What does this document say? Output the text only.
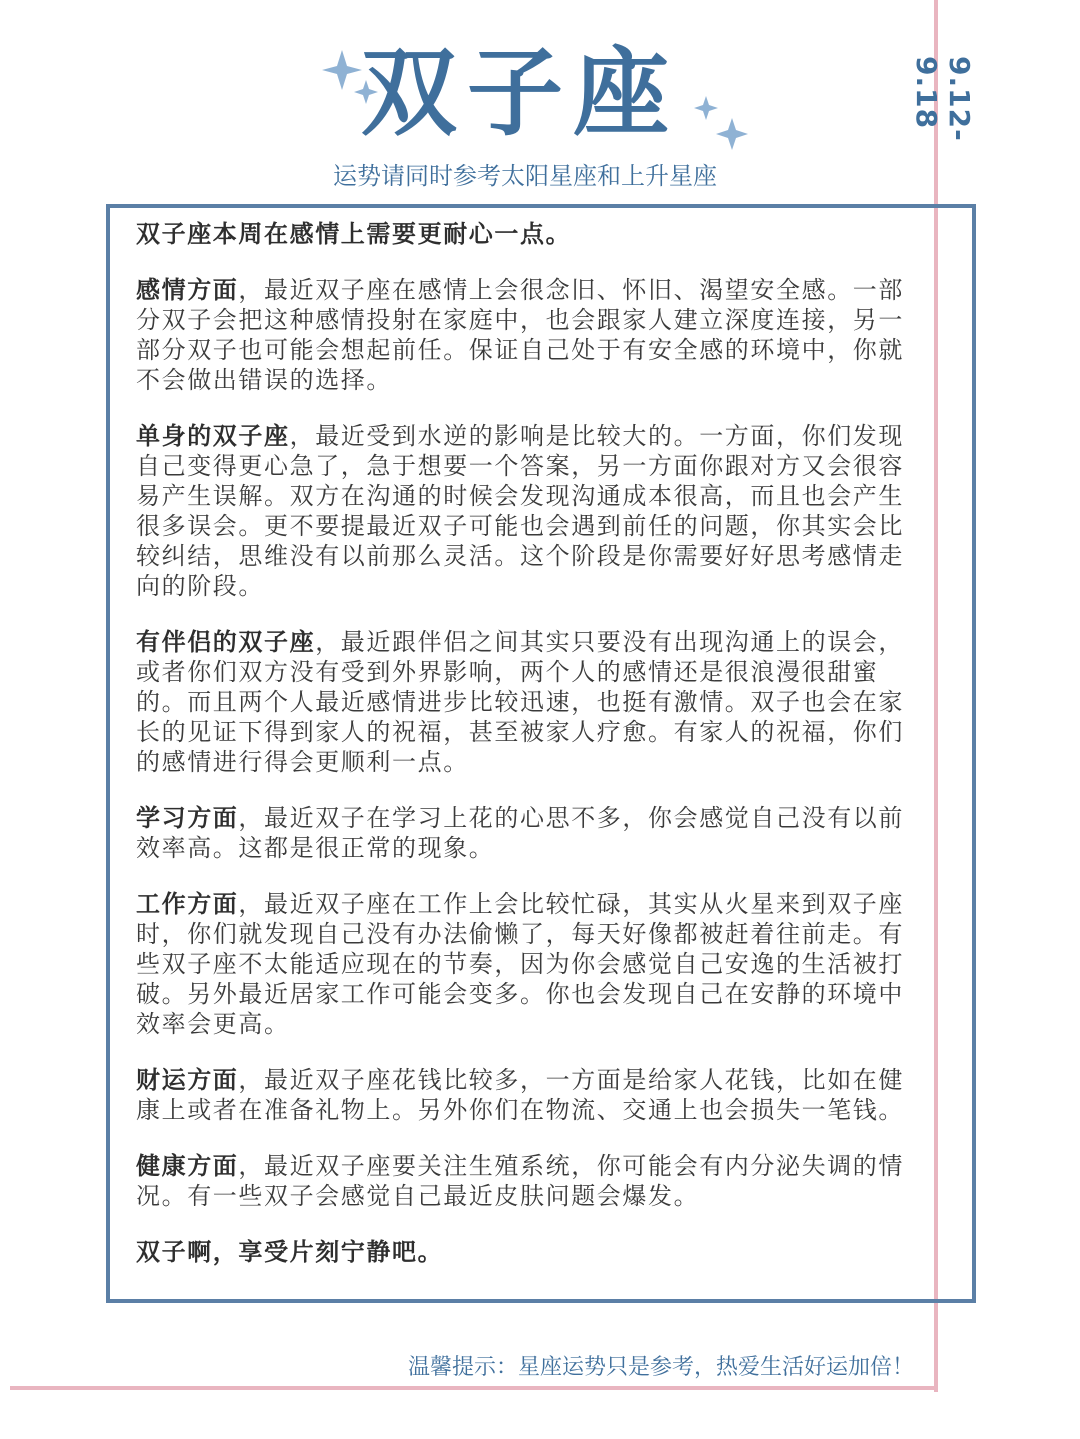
双子座
运势请同时参考太阳星座和上升星座
9.12-9.18

双子座本周在感情上需要更耐心一点。

感情方面，最近双子座在感情上会很念旧、怀旧、渴望安全感。一部分双子会把这种感情投射在家庭中，也会跟家人建立深度连接，另一部分双子也可能会想起前任。保证自己处于有安全感的环境中，你就不会做出错误的选择。

单身的双子座，最近受到水逆的影响是比较大的。一方面，你们发现自己变得更心急了，急于想要一个答案，另一方面你跟对方又会很容易产生误解。双方在沟通的时候会发现沟通成本很高，而且也会产生很多误会。更不要提最近双子可能也会遇到前任的问题，你其实会比较纠结，思维没有以前那么灵活。这个阶段是你需要好好思考感情走向的阶段。

有伴侣的双子座，最近跟伴侣之间其实只要没有出现沟通上的误会，或者你们双方没有受到外界影响，两个人的感情还是很浪漫很甜蜜的。而且两个人最近感情进步比较迅速，也挺有激情。双子也会在家长的见证下得到家人的祝福，甚至被家人疗愈。有家人的祝福，你们的感情进行得会更顺利一点。

学习方面，最近双子在学习上花的心思不多，你会感觉自己没有以前效率高。这都是很正常的现象。

工作方面，最近双子座在工作上会比较忙碌，其实从火星来到双子座时，你们就发现自己没有办法偷懒了，每天好像都被赶着往前走。有些双子座不太能适应现在的节奏，因为你会感觉自己安逸的生活被打破。另外最近居家工作可能会变多。你也会发现自己在安静的环境中效率会更高。

财运方面，最近双子座花钱比较多，一方面是给家人花钱，比如在健康上或者在准备礼物上。另外你们在物流、交通上也会损失一笔钱。

健康方面，最近双子座要关注生殖系统，你可能会有内分泌失调的情况。有一些双子会感觉自己最近皮肤问题会爆发。

双子啊，享受片刻宁静吧。

温馨提示：星座运势只是参考，热爱生活好运加倍！
